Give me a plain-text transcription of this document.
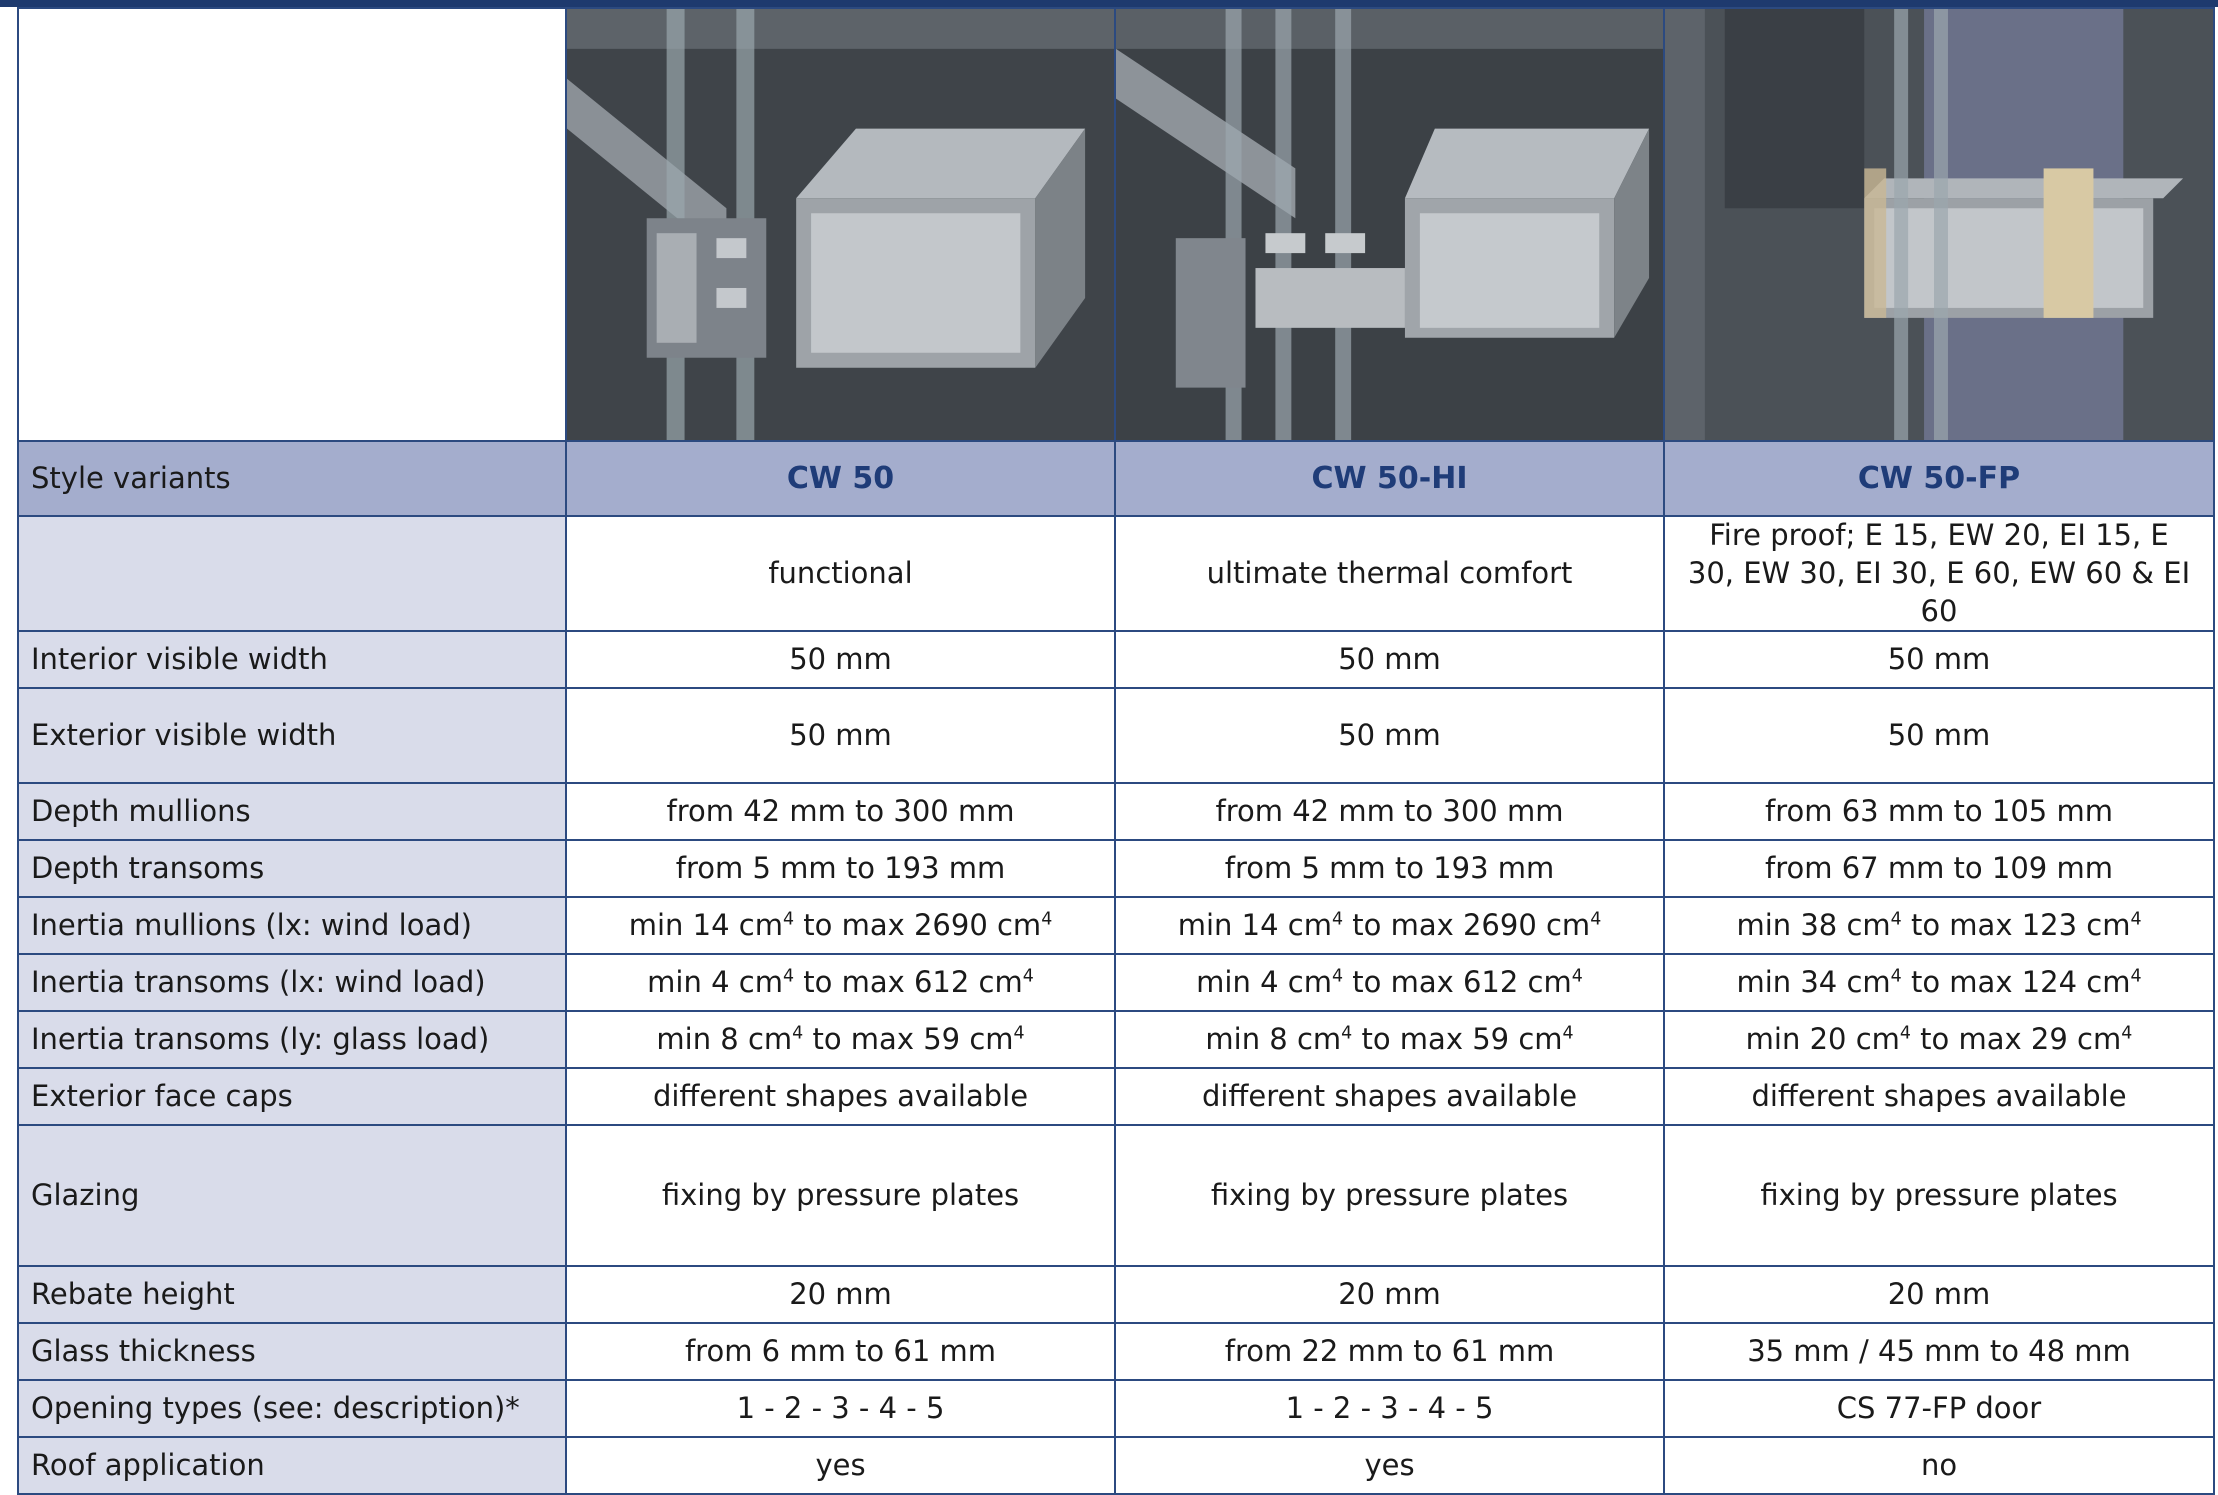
Style variants	CW 50	CW 50-HI	CW 50-FP
	functional	ultimate thermal comfort	Fire proof; E 15, EW 20, EI 15, E 30, EW 30, EI 30, E 60, EW 60 & EI 60
Interior visible width	50 mm	50 mm	50 mm
Exterior visible width	50 mm	50 mm	50 mm
Depth mullions	from 42 mm to 300 mm	from 42 mm to 300 mm	from 63 mm to 105 mm
Depth transoms	from 5 mm to 193 mm	from 5 mm to 193 mm	from 67 mm to 109 mm
Inertia mullions (lx: wind load)	min 14 $cm^4$ to max 2690 $cm^4$	min 14 $cm^4$ to max 2690 $cm^4$	min 38 $cm^4$ to max 123 $cm^4$
Inertia transoms (lx: wind load)	min 4 $cm^4$ to max 612 $cm^4$	min 4 $cm^4$ to max 612 $cm^4$	min 34 $cm^4$ to max 124 $cm^4$
Inertia transoms (ly: glass load)	min 8 $cm^4$ to max 59 $cm^4$	min 8 $cm^4$ to max 59 $cm^4$	min 20 $cm^4$ to max 29 $cm^4$
Exterior face caps	different shapes available	different shapes available	different shapes available
Glazing	fixing by pressure plates	fixing by pressure plates	fixing by pressure plates
Rebate height	20 mm	20 mm	20 mm
Glass thickness	from 6 mm to 61 mm	from 22 mm to 61 mm	35 mm / 45 mm to 48 mm
Opening types (see: description)*	1 - 2 - 3 - 4 - 5	1 - 2 - 3 - 4 - 5	CS 77-FP door
Roof application	yes	yes	no
